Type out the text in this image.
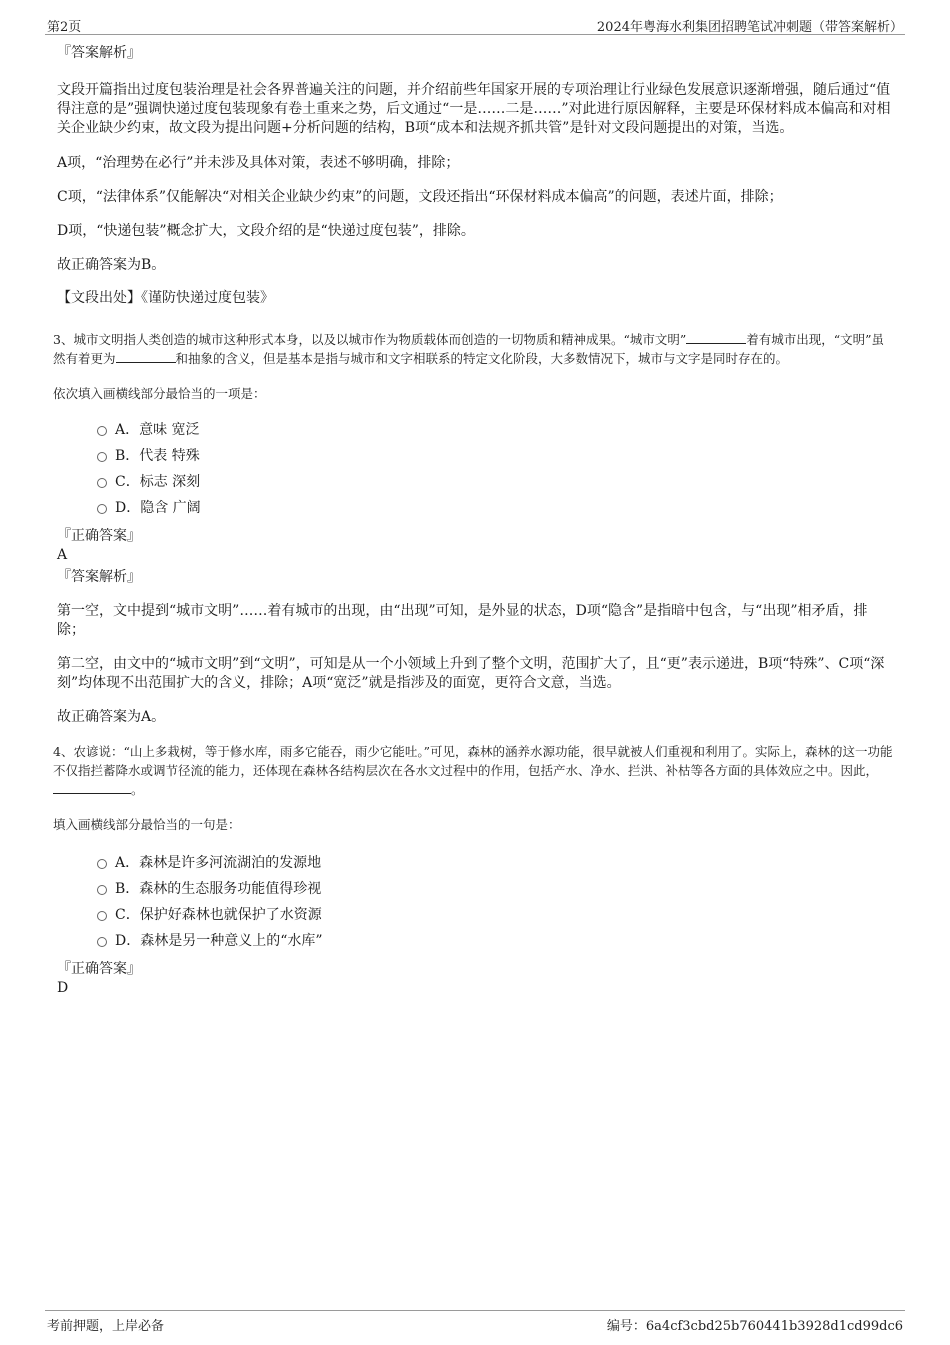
第2页	2024年粤海水利集团招聘笔试冲刺题（带答案解析）

『答案解析』

文段开篇指出过度包装治理是社会各界普遍关注的问题，并介绍前些年国家开展的专项治理让行业绿色发展意识逐渐增强，随后通过“值得注意的是”强调快递过度包装现象有卷土重来之势，后文通过“一是……二是……”对此进行原因解释，主要是环保材料成本偏高和对相关企业缺少约束，故文段为提出问题+分析问题的结构，B项“成本和法规齐抓共管”是针对文段问题提出的对策，当选。

A项，“治理势在必行”并未涉及具体对策，表述不够明确，排除；

C项，“法律体系”仅能解决“对相关企业缺少约束”的问题，文段还指出“环保材料成本偏高”的问题，表述片面，排除；

D项，“快递包装”概念扩大，文段介绍的是“快递过度包装”，排除。

故正确答案为B。

【文段出处】《谨防快递过度包装》

3、城市文明指人类创造的城市这种形式本身，以及以城市作为物质载体而创造的一切物质和精神成果。“城市文明”	着有城市出现，“文明”虽然有着更为	和抽象的含义，但是基本是指与城市和文字相联系的特定文化阶段，大多数情况下，城市与文字是同时存在的。

依次填入画横线部分最恰当的一项是：

A．意味 宽泛
B．代表 特殊
C．标志 深刻
D．隐含 广阔

『正确答案』

A

『答案解析』

第一空，文中提到“城市文明”……着有城市的出现，由“出现”可知，是外显的状态，D项“隐含”是指暗中包含，与“出现”相矛盾，排除；

第二空，由文中的“城市文明”到“文明”，可知是从一个小领域上升到了整个文明，范围扩大了，且“更”表示递进，B项“特殊”、C项“深刻”均体现不出范围扩大的含义，排除；A项“宽泛”就是指涉及的面宽，更符合文意，当选。

故正确答案为A。

4、农谚说：“山上多栽树，等于修水库，雨多它能吞，雨少它能吐。”可见，森林的涵养水源功能，很早就被人们重视和利用了。实际上，森林的这一功能不仅指拦蓄降水或调节径流的能力，还体现在森林各结构层次在各水文过程中的作用，包括产水、净水、拦洪、补枯等各方面的具体效应之中。因此，。

填入画横线部分最恰当的一句是：

A．森林是许多河流湖泊的发源地
B．森林的生态服务功能值得珍视
C．保护好森林也就保护了水资源
D．森林是另一种意义上的“水库”

『正确答案』

D

考前押题，上岸必备	编号：6a4cf3cbd25b760441b3928d1cd99dc6
